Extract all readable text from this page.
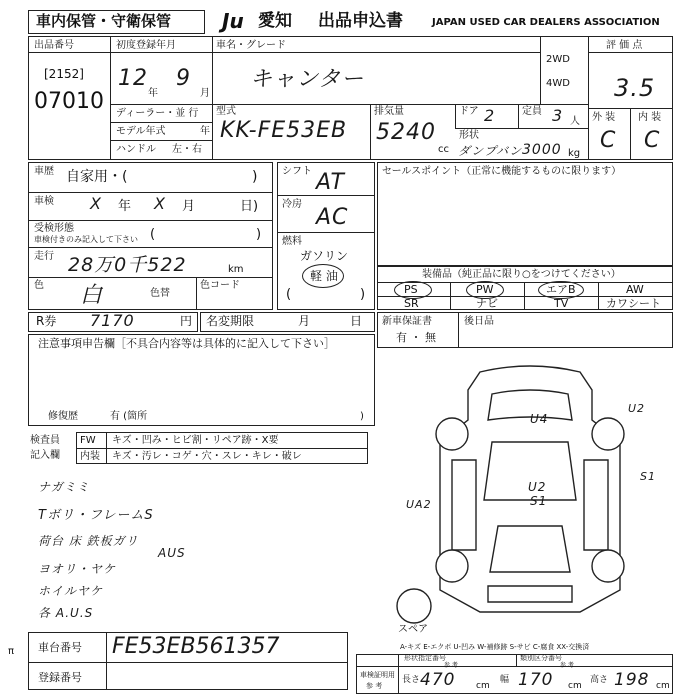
車内保管・守衛保管	Ju 愛知 出品申込書	JAPAN USED CAR DEALERS ASSOCIATION
出品番号
[2152]
07010
初度登録年月
12
年
9
月
ディーラー・並 行
モデル年式	年
ハンドル 左・右
車名・グレード
キャンター
2WD
4WD
型式
KK-FE53EB
排気量
5240
cc
ドア 2	定員 3 人
形状
ダンプバン 3000 kg
評 価 点
3.5
外 装 内 装
C C
車歴 自家用・(	)
車検 X 年 X 月	日)
受検形態
車検付きのみ記入して下さい (	)
走行 28万0千522	km
色 白	色替
色コード
シフト AT
冷房
AC
燃料
ガソリン
軽 油
(	)
セールスポイント（正常に機能するものに限ります）
装備品（純正品に限り○をつけてください）
PS	PW	エアB	AW
SR	ナビ	TV	カワシート
R券 7170	円 名変期限	月	日 新車保証書
有 ・ 無
後日品
注意事項申告欄［不具合内容等は具体的に記入して下さい］
修復歴	有 (箇所	)
検査員
記入欄
FW キズ・凹み・ヒビ割・リペア跡・X要
内装 キズ・汚レ・コゲ・穴・スレ・キレ・破レ
ナガミミ
Tボリ・フレームS
荷台 床 鉄板ガリ
AUS
ヨオリ・ヤケ
ホイルヤケ
各 A.U.S
U4
U2
U2
S1
S1
UA2
スペア
A-キズ E-エクボ U-凹み W-補修跡 S-サビ C-腐食 XX-交換済
車台番号 FE53EB561357
登録番号
π
形状指定番号
参 考
類別区分番号
参 考
車検証明用
参 考
長さ 470 cm
幅 170 cm
高さ 198 cm
